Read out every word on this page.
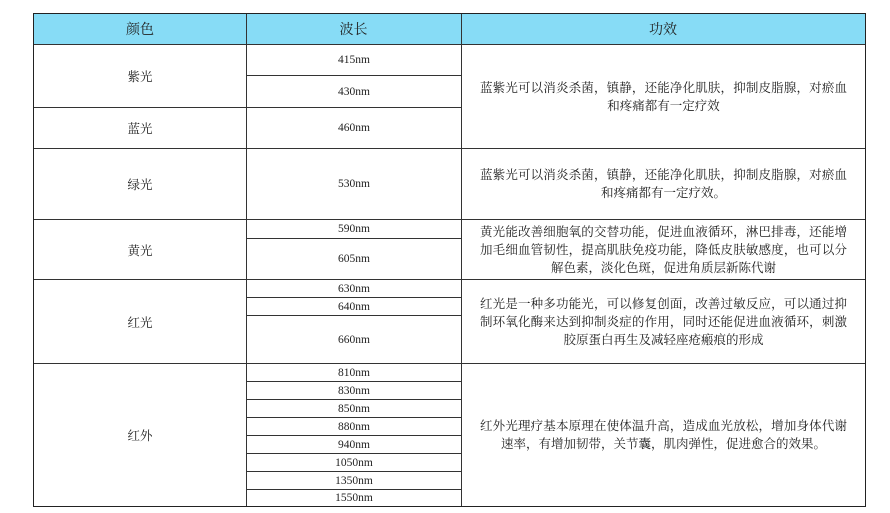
颜色	波长	功效
紫光
蓝光
绿光
黄光
红光
红外
415nm
430nm
460nm
530nm
590nm
605nm
630nm
640nm
660nm
810nm
830nm
850nm
880nm
940nm
1050nm
1350nm
1550nm
蓝紫光可以消炎杀菌，镇静，还能净化肌肤，抑制皮脂腺，对瘀血和疼痛都有一定疗效
蓝紫光可以消炎杀菌，镇静，还能净化肌肤，抑制皮脂腺，对瘀血和疼痛都有一定疗效。
黄光能改善细胞氧的交替功能，促进血液循环，淋巴排毒，还能增加毛细血管韧性，提高肌肤免疫功能，降低皮肤敏感度，也可以分解色素，淡化色斑，促进角质层新陈代谢
红光是一种多功能光，可以修复创面，改善过敏反应，可以通过抑制环氧化酶来达到抑制炎症的作用，同时还能促进血液循环，刺激胶原蛋白再生及减轻座疮瘢痕的形成
红外光理疗基本原理在使体温升高，造成血光放松，增加身体代谢速率，有增加韧带，关节囊，肌肉弹性，促进愈合的效果。
